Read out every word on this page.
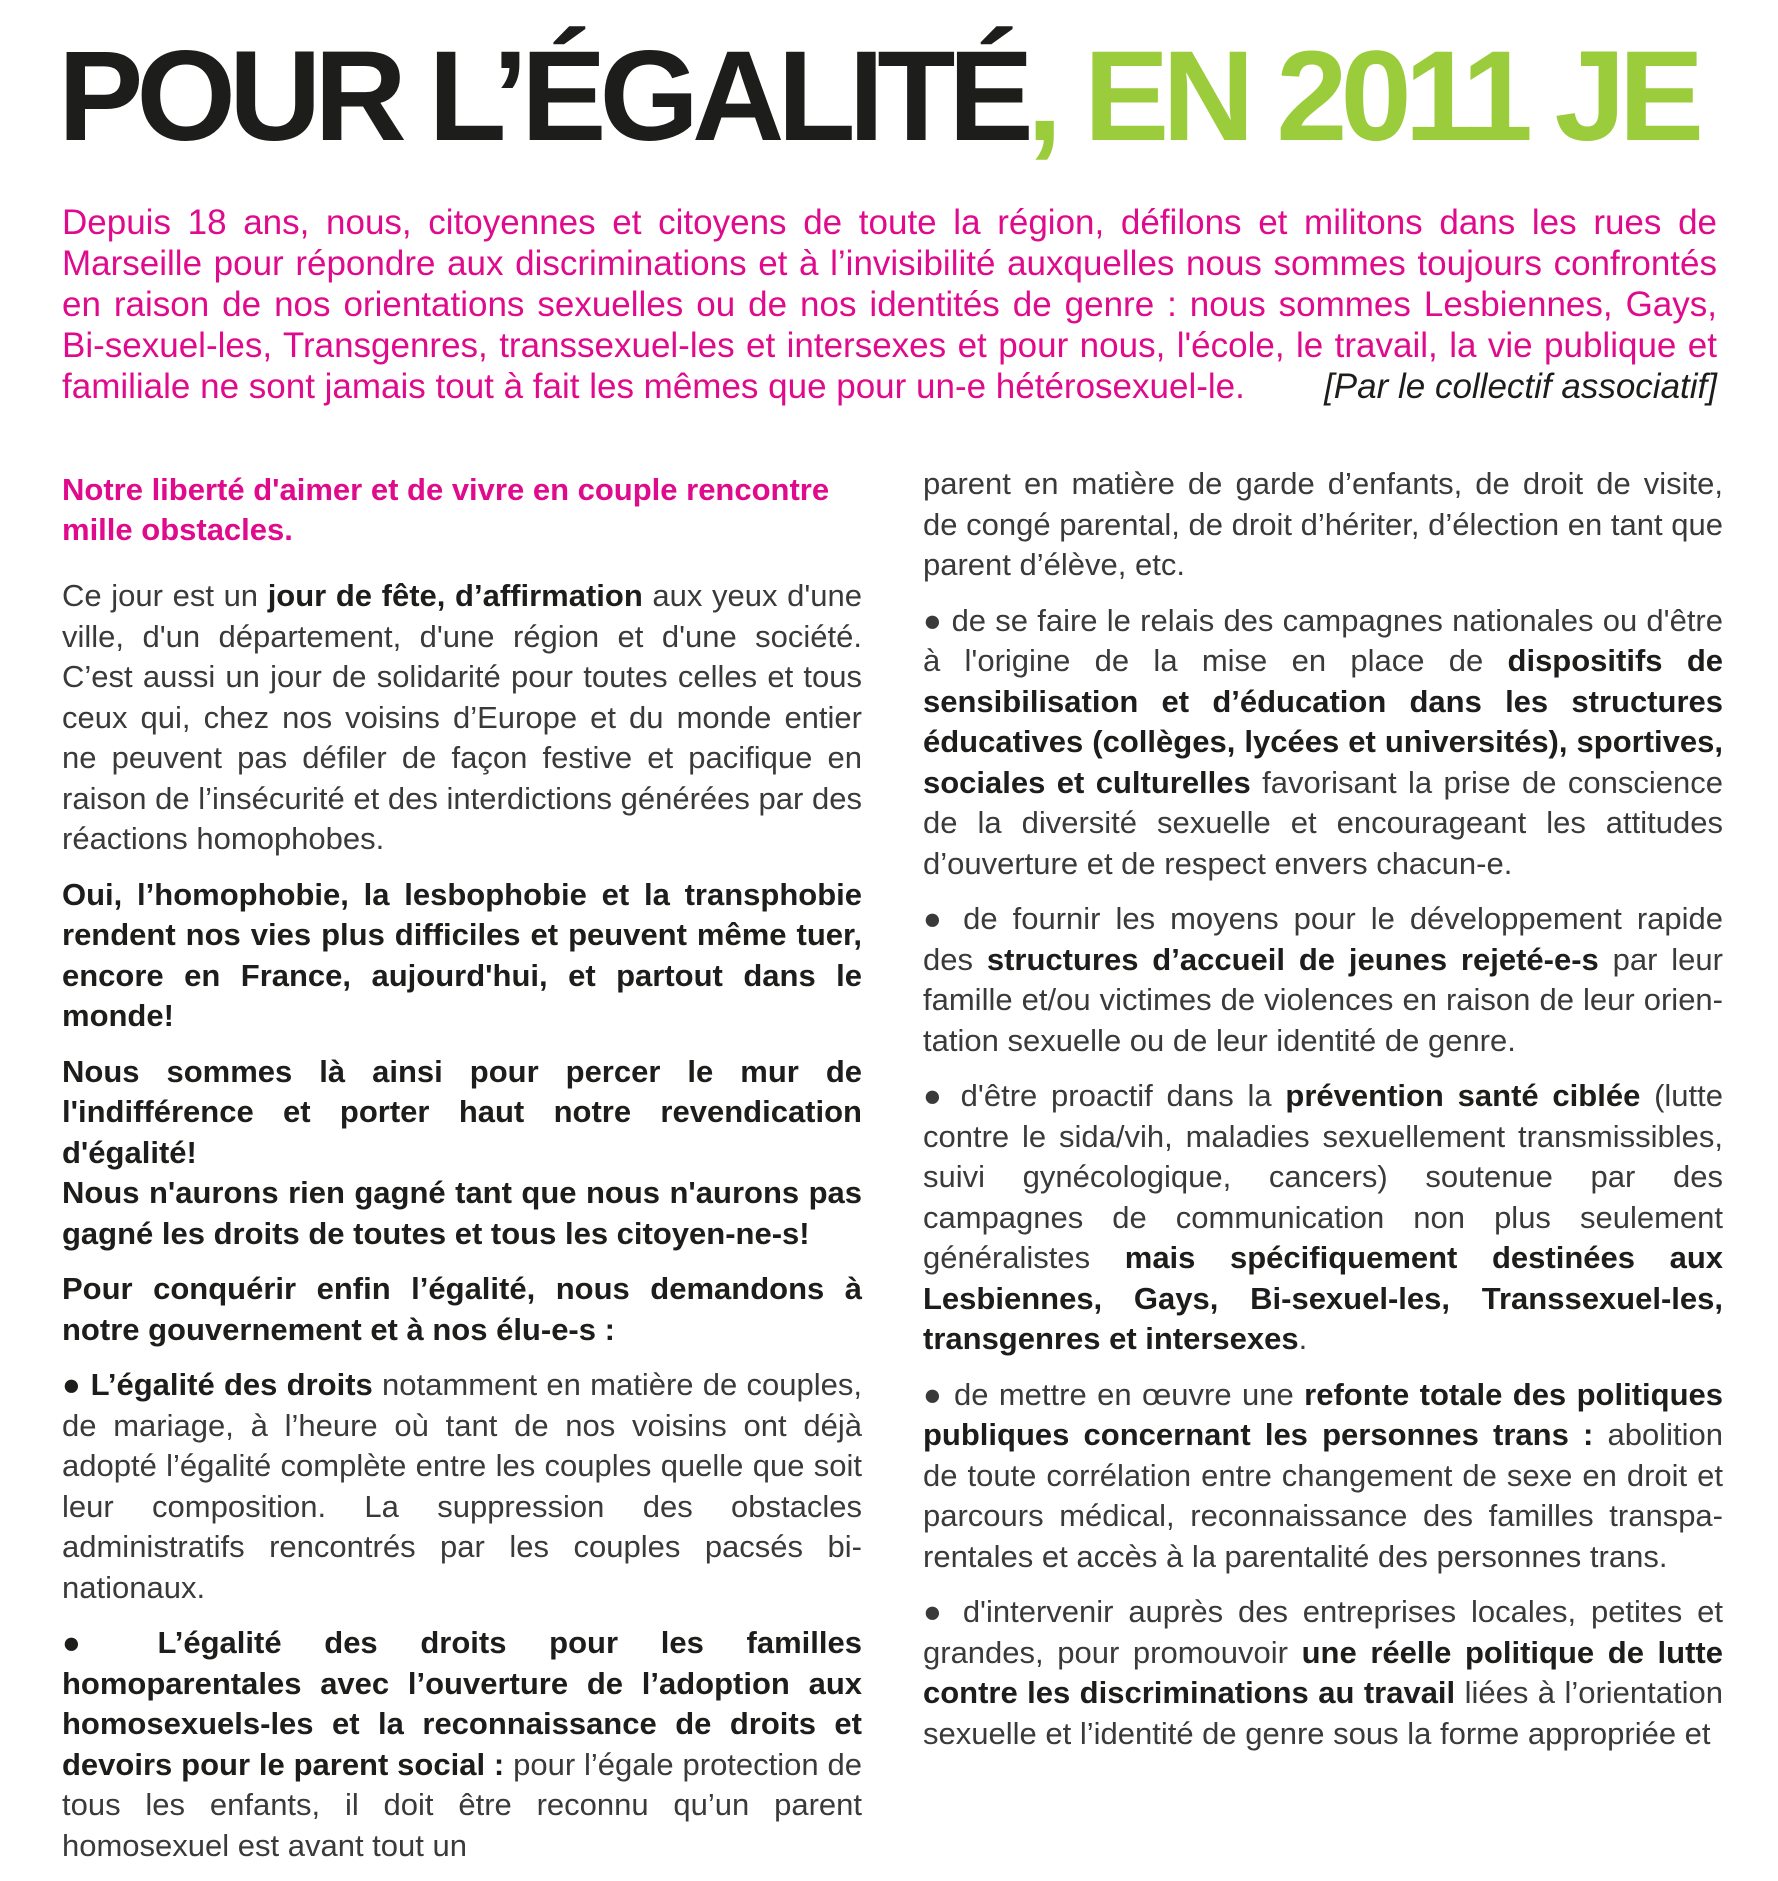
POUR L’ÉGALITÉ, EN 2011 JE

Depuis 18 ans, nous, citoyennes et citoyens de toute la région, défilons et militons dans les rues de Marseille pour répondre aux discriminations et à l’invisibilité auxquelles nous sommes toujours confrontés en raison de nos orientations sexuelles ou de nos identités de genre : nous sommes Lesbiennes, Gays, Bi-sexuel-les, Transgenres, transsexuel-les et intersexes et pour nous, l'école, le travail, la vie publique et familiale ne sont jamais tout à fait les mêmes que pour un-e hétérosexuel-le. [Par le collectif associatif]

Notre liberté d'aimer et de vivre en couple rencontre mille obstacles.

Ce jour est un jour de fête, d’affirmation aux yeux d'une ville, d'un département, d'une région et d'une société. C’est aussi un jour de solidarité pour toutes celles et tous ceux qui, chez nos voisins d’Europe et du monde entier ne peuvent pas défiler de façon festive et pacifique en raison de l’insécurité et des interdictions générées par des réactions homophobes.

Oui, l’homophobie, la lesbophobie et la transphobie rendent nos vies plus difficiles et peuvent même tuer, encore en France, aujourd'hui, et partout dans le monde!

Nous sommes là ainsi pour percer le mur de l'indifférence et porter haut notre revendication d'égalité!
Nous n'aurons rien gagné tant que nous n'aurons pas gagné les droits de toutes et tous les citoyen-ne-s!

Pour conquérir enfin l’égalité, nous demandons à notre gouvernement et à nos élu-e-s :

● L’égalité des droits notamment en matière de couples, de mariage, à l’heure où tant de nos voisins ont déjà adopté l’égalité complète entre les couples quelle que soit leur composition. La suppression des obstacles administratifs rencontrés par les couples pacsés bi-nationaux.

● L’égalité des droits pour les familles homoparentales avec l’ouverture de l’adoption aux homosexuels-les et la reconnaissance de droits et devoirs pour le parent social : pour l’égale protection de tous les enfants, il doit être reconnu qu’un parent homosexuel est avant tout un

parent en matière de garde d’enfants, de droit de visite, de congé parental, de droit d’hériter, d’élection en tant que parent d’élève, etc.

● de se faire le relais des campagnes nationales ou d'être à l'origine de la mise en place de dispositifs de sensibilisation et d’éducation dans les structures éducatives (collèges, lycées et universités), sportives, sociales et culturelles favorisant la prise de conscience de la diversité sexuelle et encourageant les attitudes d’ouverture et de respect envers chacun-e.

● de fournir les moyens pour le développement rapide des structures d’accueil de jeunes rejeté-e-s par leur famille et/ou victimes de violences en raison de leur orien-tation sexuelle ou de leur identité de genre.

● d'être proactif dans la prévention santé ciblée (lutte contre le sida/vih, maladies sexuellement transmissibles, suivi gynécologique, cancers) soutenue par des campagnes de communication non plus seulement généralistes mais spécifiquement destinées aux Lesbiennes, Gays, Bi-sexuel-les, Transsexuel-les, transgenres et intersexes.

● de mettre en œuvre une refonte totale des politiques publiques concernant les personnes trans : abolition de toute corrélation entre changement de sexe en droit et parcours médical, reconnaissance des familles transpa-rentales et accès à la parentalité des personnes trans.

● d'intervenir auprès des entreprises locales, petites et grandes, pour promouvoir une réelle politique de lutte contre les discriminations au travail liées à l’orientation sexuelle et l’identité de genre sous la forme appropriée et
